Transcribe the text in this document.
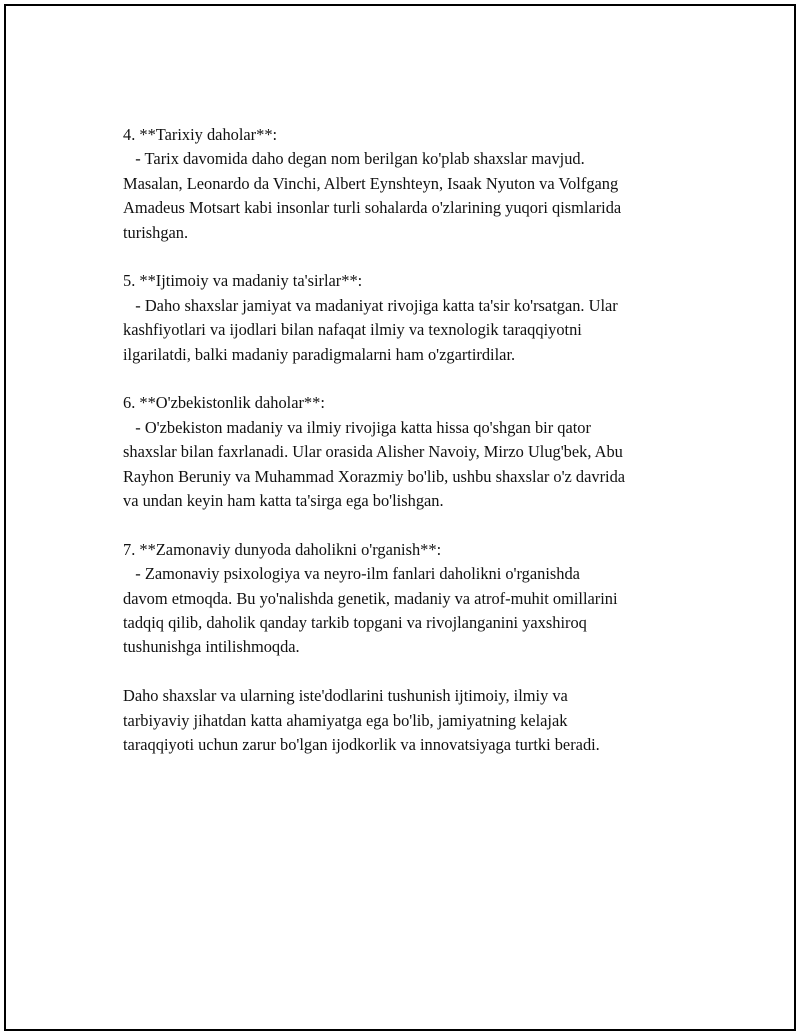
4. **Tarixiy daholar**:
- Tarix davomida daho degan nom berilgan ko'plab shaxslar mavjud.
Masalan, Leonardo da Vinchi, Albert Eynshteyn, Isaak Nyuton va Volfgang
Amadeus Motsart kabi insonlar turli sohalarda o'zlarining yuqori qismlarida
turishgan.
5. **Ijtimoiy va madaniy ta'sirlar**:
- Daho shaxslar jamiyat va madaniyat rivojiga katta ta'sir ko'rsatgan. Ular
kashfiyotlari va ijodlari bilan nafaqat ilmiy va texnologik taraqqiyotni
ilgarilatdi, balki madaniy paradigmalarni ham o'zgartirdilar.
6. **O'zbekistonlik daholar**:
- O'zbekiston madaniy va ilmiy rivojiga katta hissa qo'shgan bir qator
shaxslar bilan faxrlanadi. Ular orasida Alisher Navoiy, Mirzo Ulug'bek, Abu
Rayhon Beruniy va Muhammad Xorazmiy bo'lib, ushbu shaxslar o'z davrida
va undan keyin ham katta ta'sirga ega bo'lishgan.
7. **Zamonaviy dunyoda daholikni o'rganish**:
- Zamonaviy psixologiya va neyro-ilm fanlari daholikni o'rganishda
davom etmoqda. Bu yo'nalishda genetik, madaniy va atrof-muhit omillarini
tadqiq qilib, daholik qanday tarkib topgani va rivojlanganini yaxshiroq
tushunishga intilishmoqda.
Daho shaxslar va ularning iste'dodlarini tushunish ijtimoiy, ilmiy va
tarbiyaviy jihatdan katta ahamiyatga ega bo'lib, jamiyatning kelajak
taraqqiyoti uchun zarur bo'lgan ijodkorlik va innovatsiyaga turtki beradi.
